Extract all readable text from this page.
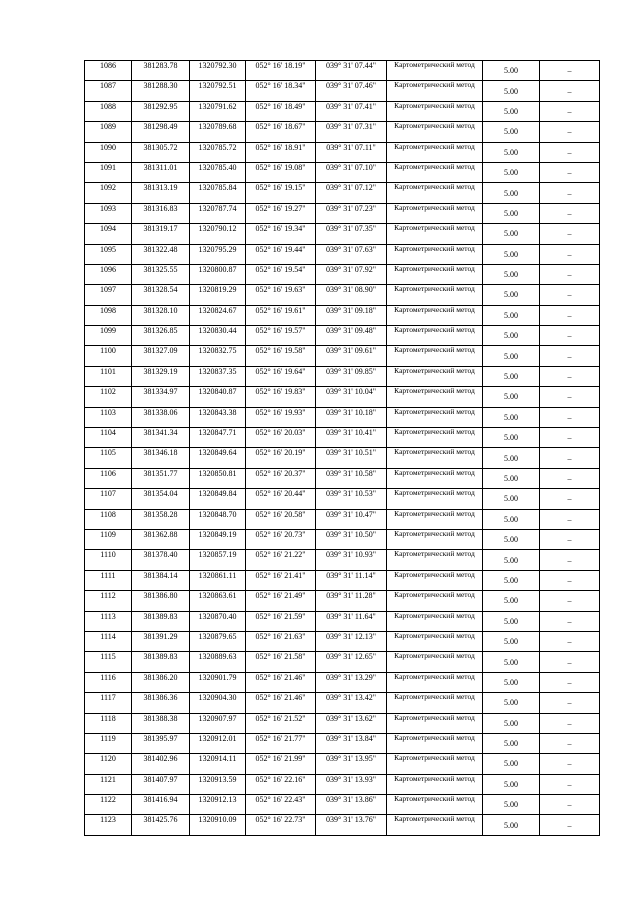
1086	381283.78	1320792.30	052° 16' 18.19"	039° 31' 07.44"	Картометрический метод	5.00	–
1087	381288.30	1320792.51	052° 16' 18.34"	039° 31' 07.46"	Картометрический метод	5.00	–
1088	381292.95	1320791.62	052° 16' 18.49"	039° 31' 07.41"	Картометрический метод	5.00	–
1089	381298.49	1320789.68	052° 16' 18.67"	039° 31' 07.31"	Картометрический метод	5.00	–
1090	381305.72	1320785.72	052° 16' 18.91"	039° 31' 07.11"	Картометрический метод	5.00	–
1091	381311.01	1320785.40	052° 16' 19.08"	039° 31' 07.10"	Картометрический метод	5.00	–
1092	381313.19	1320785.84	052° 16' 19.15"	039° 31' 07.12"	Картометрический метод	5.00	–
1093	381316.83	1320787.74	052° 16' 19.27"	039° 31' 07.23"	Картометрический метод	5.00	–
1094	381319.17	1320790.12	052° 16' 19.34"	039° 31' 07.35"	Картометрический метод	5.00	–
1095	381322.48	1320795.29	052° 16' 19.44"	039° 31' 07.63"	Картометрический метод	5.00	–
1096	381325.55	1320800.87	052° 16' 19.54"	039° 31' 07.92"	Картометрический метод	5.00	–
1097	381328.54	1320819.29	052° 16' 19.63"	039° 31' 08.90"	Картометрический метод	5.00	–
1098	381328.10	1320824.67	052° 16' 19.61"	039° 31' 09.18"	Картометрический метод	5.00	–
1099	381326.85	1320830.44	052° 16' 19.57"	039° 31' 09.48"	Картометрический метод	5.00	–
1100	381327.09	1320832.75	052° 16' 19.58"	039° 31' 09.61"	Картометрический метод	5.00	–
1101	381329.19	1320837.35	052° 16' 19.64"	039° 31' 09.85"	Картометрический метод	5.00	–
1102	381334.97	1320840.87	052° 16' 19.83"	039° 31' 10.04"	Картометрический метод	5.00	–
1103	381338.06	1320843.38	052° 16' 19.93"	039° 31' 10.18"	Картометрический метод	5.00	–
1104	381341.34	1320847.71	052° 16' 20.03"	039° 31' 10.41"	Картометрический метод	5.00	–
1105	381346.18	1320849.64	052° 16' 20.19"	039° 31' 10.51"	Картометрический метод	5.00	–
1106	381351.77	1320850.81	052° 16' 20.37"	039° 31' 10.58"	Картометрический метод	5.00	–
1107	381354.04	1320849.84	052° 16' 20.44"	039° 31' 10.53"	Картометрический метод	5.00	–
1108	381358.28	1320848.70	052° 16' 20.58"	039° 31' 10.47"	Картометрический метод	5.00	–
1109	381362.88	1320849.19	052° 16' 20.73"	039° 31' 10.50"	Картометрический метод	5.00	–
1110	381378.40	1320857.19	052° 16' 21.22"	039° 31' 10.93"	Картометрический метод	5.00	–
1111	381384.14	1320861.11	052° 16' 21.41"	039° 31' 11.14"	Картометрический метод	5.00	–
1112	381386.80	1320863.61	052° 16' 21.49"	039° 31' 11.28"	Картометрический метод	5.00	–
1113	381389.83	1320870.40	052° 16' 21.59"	039° 31' 11.64"	Картометрический метод	5.00	–
1114	381391.29	1320879.65	052° 16' 21.63"	039° 31' 12.13"	Картометрический метод	5.00	–
1115	381389.83	1320889.63	052° 16' 21.58"	039° 31' 12.65"	Картометрический метод	5.00	–
1116	381386.20	1320901.79	052° 16' 21.46"	039° 31' 13.29"	Картометрический метод	5.00	–
1117	381386.36	1320904.30	052° 16' 21.46"	039° 31' 13.42"	Картометрический метод	5.00	–
1118	381388.38	1320907.97	052° 16' 21.52"	039° 31' 13.62"	Картометрический метод	5.00	–
1119	381395.97	1320912.01	052° 16' 21.77"	039° 31' 13.84"	Картометрический метод	5.00	–
1120	381402.96	1320914.11	052° 16' 21.99"	039° 31' 13.95"	Картометрический метод	5.00	–
1121	381407.97	1320913.59	052° 16' 22.16"	039° 31' 13.93"	Картометрический метод	5.00	–
1122	381416.94	1320912.13	052° 16' 22.43"	039° 31' 13.86"	Картометрический метод	5.00	–
1123	381425.76	1320910.09	052° 16' 22.73"	039° 31' 13.76"	Картометрический метод	5.00	–
